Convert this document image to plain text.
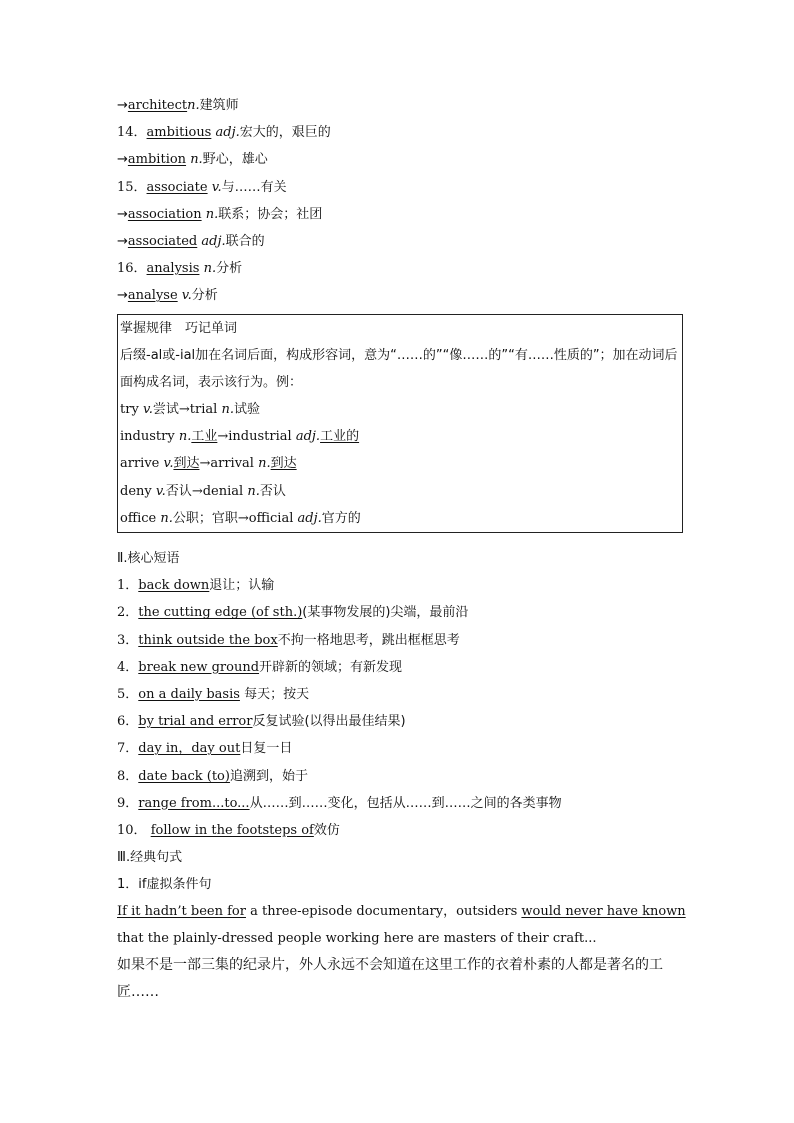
→architectn.建筑师
14．ambitious adj.宏大的，艰巨的
→ambition n.野心，雄心
15．associate v.与……有关
→association n.联系；协会；社团
→associated adj.联合的
16．analysis n.分析
→analyse v.分析
掌握规律　巧记单词
后缀-al或-ial加在名词后面，构成形容词，意为“……的”“像……的”“有……性质的”；加在动词后面构成名词，表示该行为。例：
try v.尝试→trial n.试验
industry n.工业→industrial adj.工业的
arrive v.到达→arrival n.到达
deny v.否认→denial n.否认
office n.公职；官职→official adj.官方的
Ⅱ.核心短语
1．back down退让；认输
2．the cutting edge (of sth.)(某事物发展的)尖端，最前沿
3．think outside the box不拘一格地思考，跳出框框思考
4．break new ground开辟新的领域；有新发现
5．on a daily basis 每天；按天
6．by trial and error反复试验(以得出最佳结果)
7．day in，day out日复一日
8．date back (to)追溯到，始于
9．range from...to...从……到……变化，包括从……到……之间的各类事物
10． follow in the footsteps of效仿
Ⅲ.经典句式
1．if虚拟条件句
If it hadn’t been for a three-episode documentary，outsiders would never have known that the plainly-dressed people working here are masters of their craft...
如果不是一部三集的纪录片，外人永远不会知道在这里工作的衣着朴素的人都是著名的工匠……
